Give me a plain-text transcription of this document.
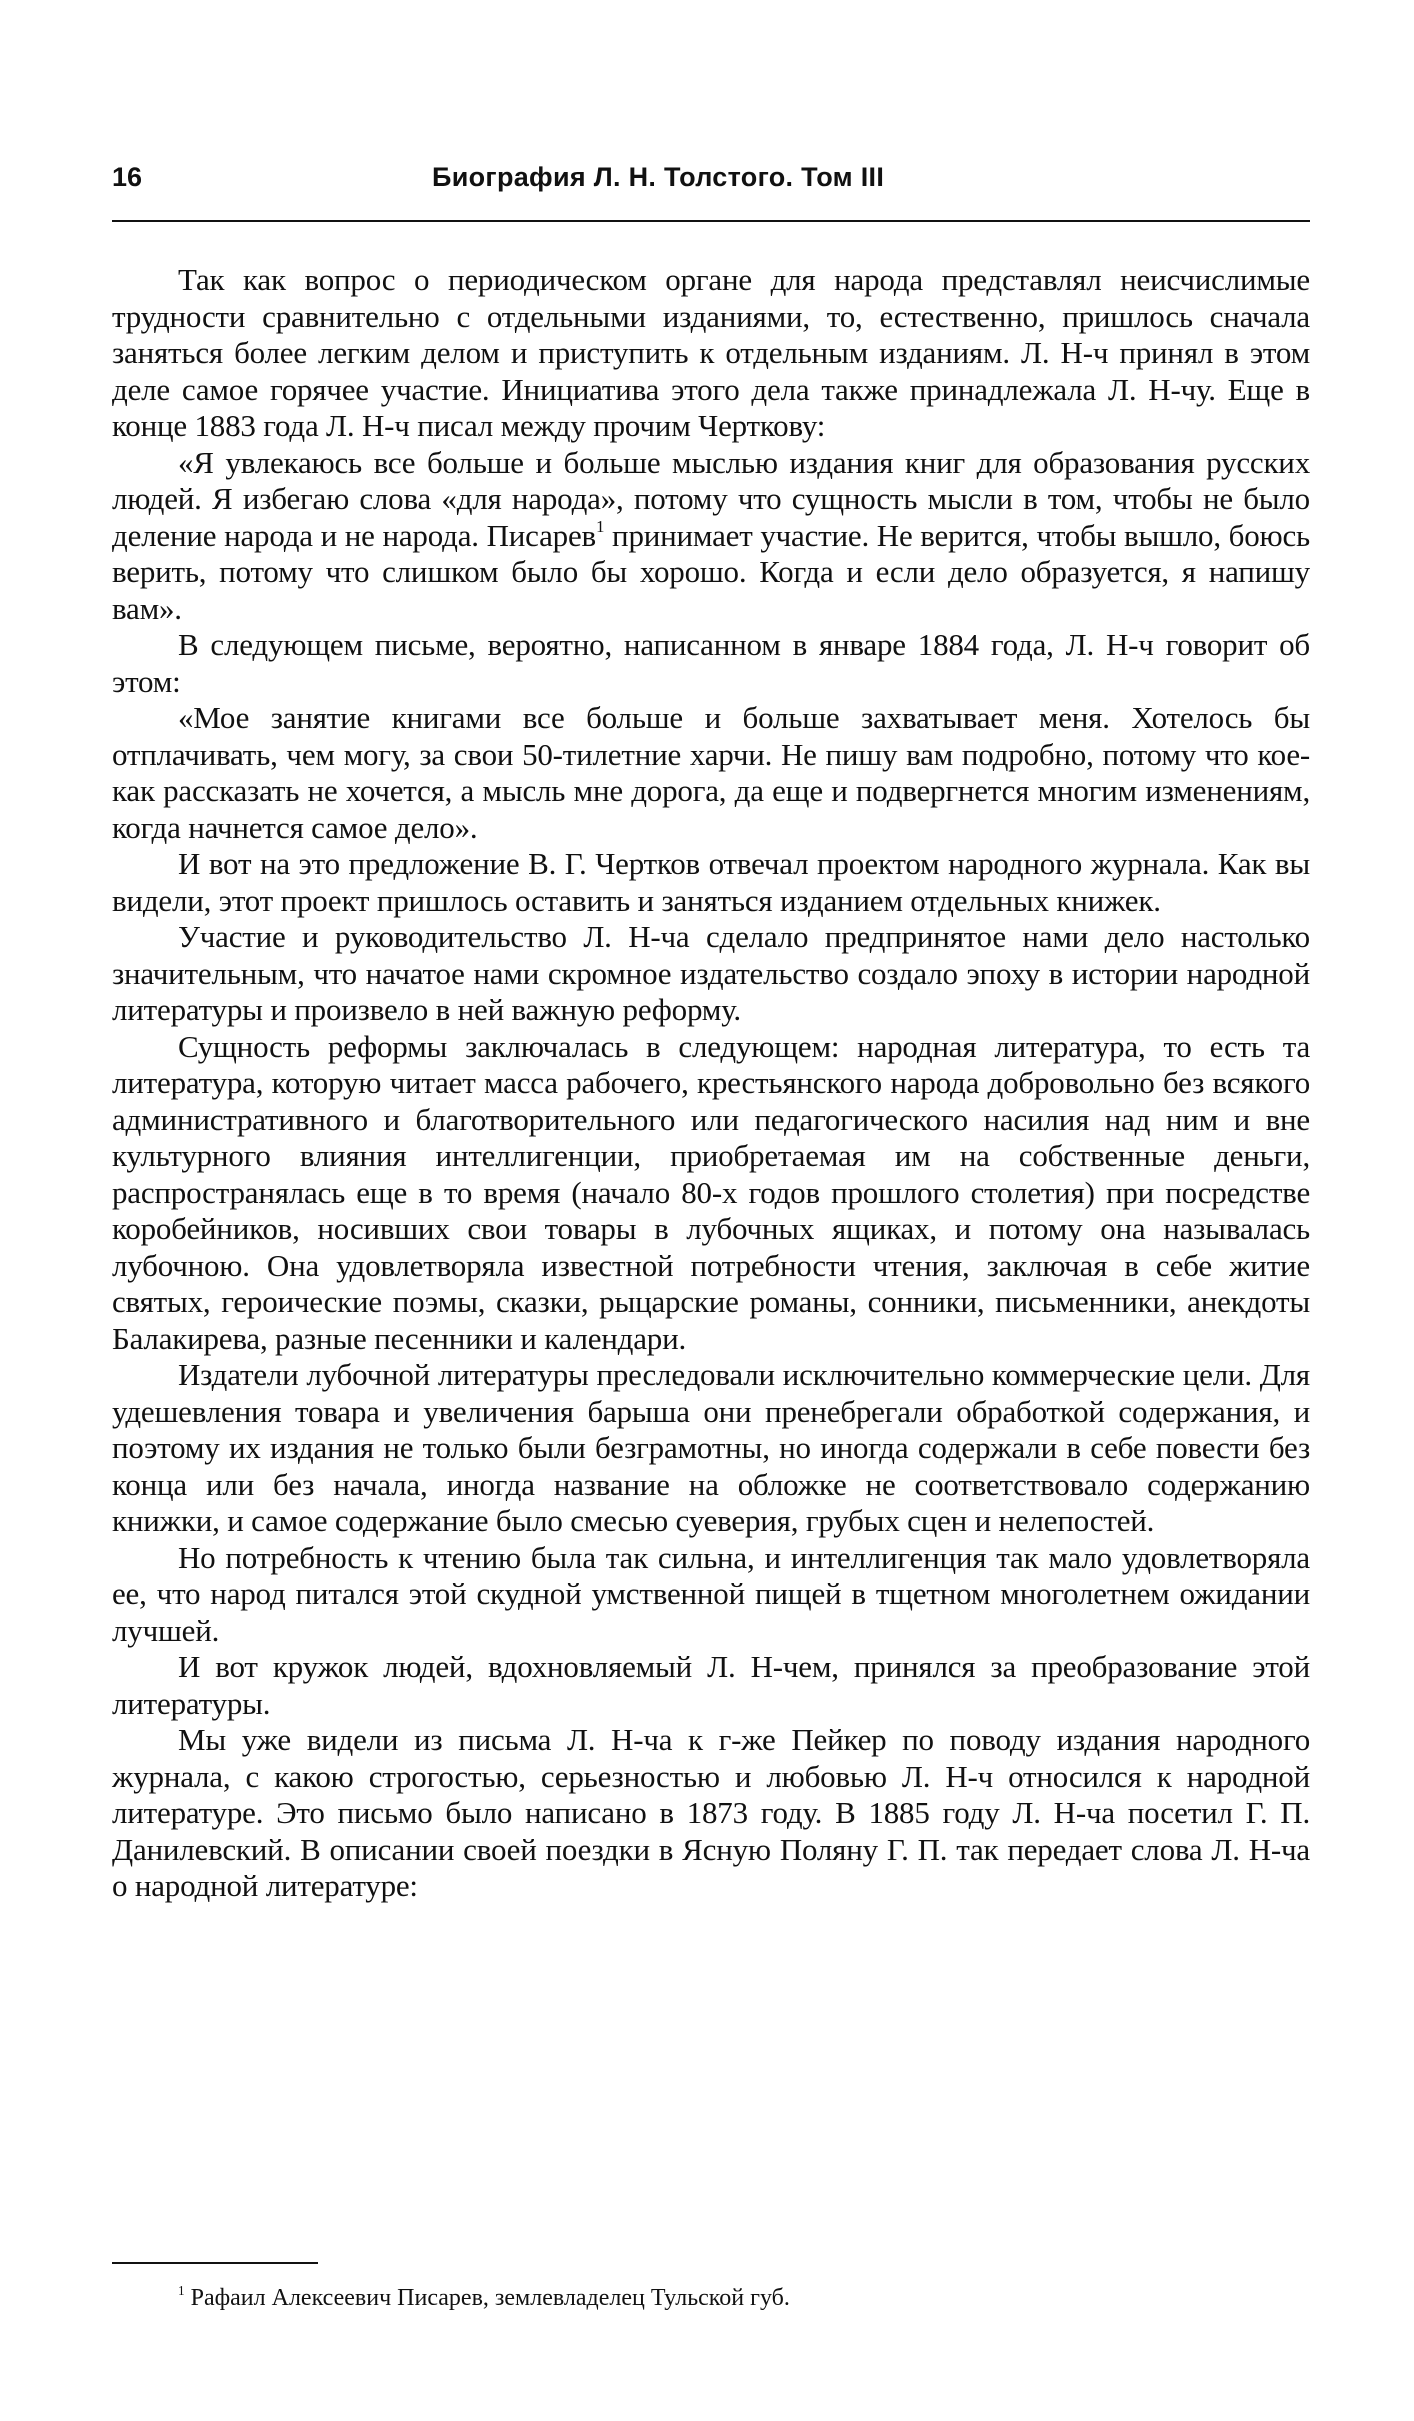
16	Биография Л. Н. Толстого. Том III

Так как вопрос о периодическом органе для народа представлял неисчислимые трудности сравнительно с отдельными изданиями, то, естественно, пришлось сначала заняться более легким делом и приступить к отдельным изданиям. Л. Н-ч принял в этом деле самое горячее участие. Инициатива этого дела также принадлежала Л. Н-чу. Еще в конце 1883 года Л. Н-ч писал между прочим Черткову:

«Я увлекаюсь все больше и больше мыслью издания книг для образования русских людей. Я избегаю слова «для народа», потому что сущность мысли в том, чтобы не было деление народа и не народа. Писарев$^1$ принимает участие. Не верится, чтобы вышло, боюсь верить, потому что слишком было бы хорошо. Когда и если дело образуется, я напишу вам».

В следующем письме, вероятно, написанном в январе 1884 года, Л. Н-ч говорит об этом:

«Мое занятие книгами все больше и больше захватывает меня. Хотелось бы отплачивать, чем могу, за свои 50-тилетние харчи. Не пишу вам подробно, потому что кое-как рассказать не хочется, а мысль мне дорога, да еще и подвергнется многим изменениям, когда начнется самое дело».

И вот на это предложение В. Г. Чертков отвечал проектом народного журнала. Как вы видели, этот проект пришлось оставить и заняться изданием отдельных книжек.

Участие и руководительство Л. Н-ча сделало предпринятое нами дело настолько значительным, что начатое нами скромное издательство создало эпоху в истории народной литературы и произвело в ней важную реформу.

Сущность реформы заключалась в следующем: народная литература, то есть та литература, которую читает масса рабочего, крестьянского народа добровольно без всякого административного и благотворительного или педагогического насилия над ним и вне культурного влияния интеллигенции, приобретаемая им на собственные деньги, распространялась еще в то время (начало 80-х годов прошлого столетия) при посредстве коробейников, носивших свои товары в лубочных ящиках, и потому она называлась лубочною. Она удовлетворяла известной потребности чтения, заключая в себе житие святых, героические поэмы, сказки, рыцарские романы, сонники, письменники, анекдоты Балакирева, разные песенники и календари.

Издатели лубочной литературы преследовали исключительно коммерческие цели. Для удешевления товара и увеличения барыша они пренебрегали обработкой содержания, и поэтому их издания не только были безграмотны, но иногда содержали в себе повести без конца или без начала, иногда название на обложке не соответствовало содержанию книжки, и самое содержание было смесью суеверия, грубых сцен и нелепостей.

Но потребность к чтению была так сильна, и интеллигенция так мало удовлетворяла ее, что народ питался этой скудной умственной пищей в тщетном многолетнем ожидании лучшей.

И вот кружок людей, вдохновляемый Л. Н-чем, принялся за преобразование этой литературы.

Мы уже видели из письма Л. Н-ча к г-же Пейкер по поводу издания народного журнала, с какою строгостью, серьезностью и любовью Л. Н-ч относился к народной литературе. Это письмо было написано в 1873 году. В 1885 году Л. Н-ча посетил Г. П. Данилевский. В описании своей поездки в Ясную Поляну Г. П. так передает слова Л. Н-ча о народной литературе:

$^1$ Рафаил Алексеевич Писарев, землевладелец Тульской губ.
